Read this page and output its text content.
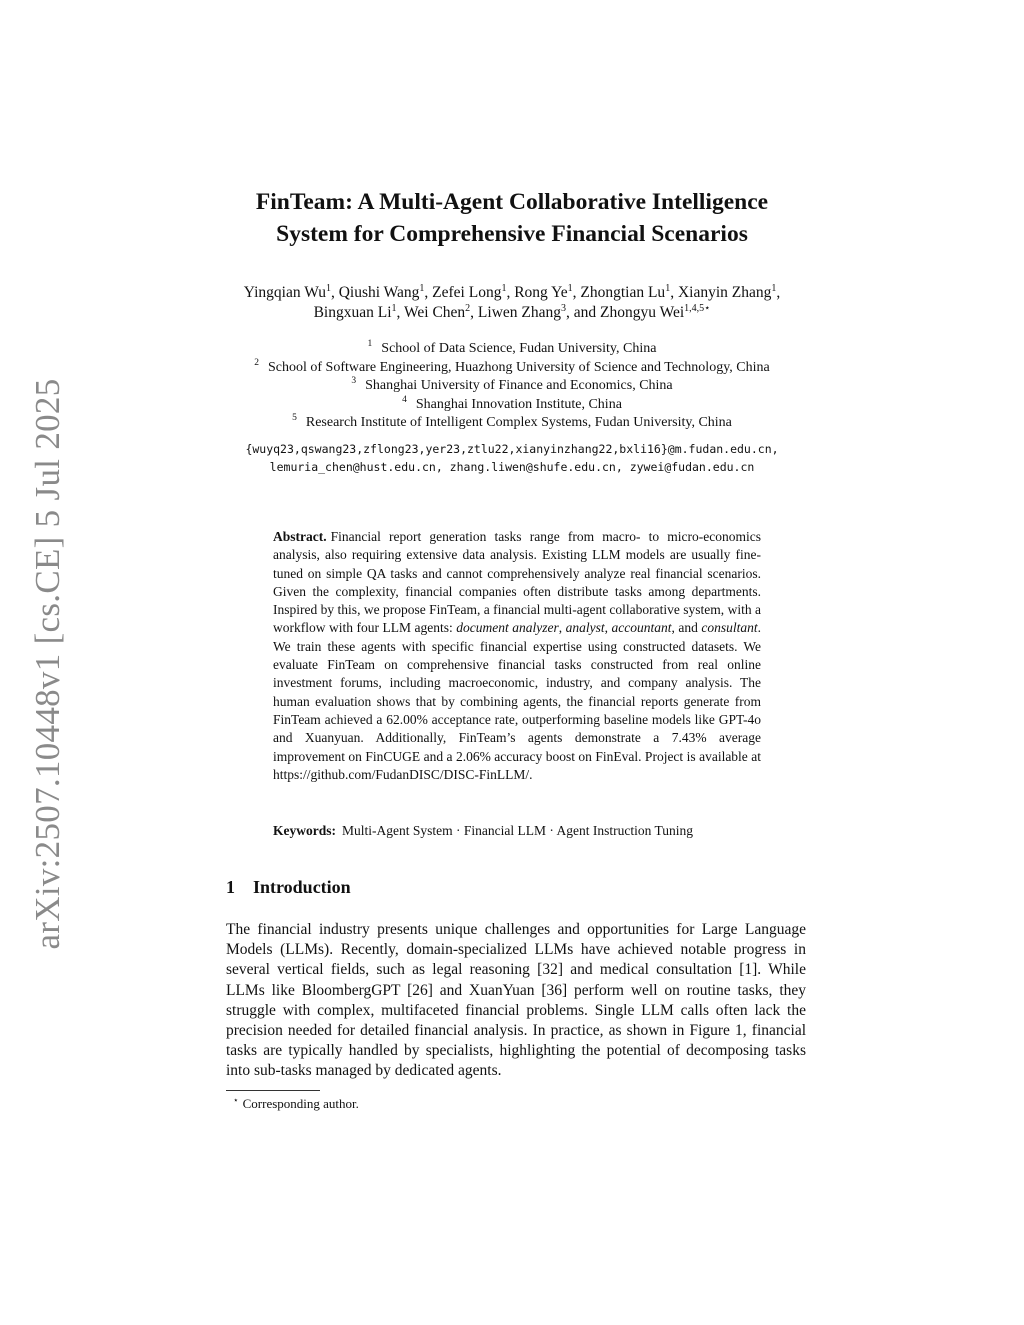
arXiv:2507.10448v1 [cs.CE] 5 Jul 2025
FinTeam: A Multi-Agent Collaborative Intelligence
System for Comprehensive Financial Scenarios
Yingqian Wu$^1$, Qiushi Wang$^1$, Zefei Long$^1$, Rong Ye$^1$, Zhongtian Lu$^1$, Xianyin Zhang$^1$,
Bingxuan Li$^1$, Wei Chen$^2$, Liwen Zhang$^3$, and Zhongyu Wei$^{1,4,5⋆}$
$^1$ School of Data Science, Fudan University, China
$^2$ School of Software Engineering, Huazhong University of Science and Technology, China
$^3$ Shanghai University of Finance and Economics, China
$^4$ Shanghai Innovation Institute, China
$^5$ Research Institute of Intelligent Complex Systems, Fudan University, China
{wuyq23,qswang23,zflong23,yer23,ztlu22,xianyinzhang22,bxli16}@m.fudan.edu.cn,
lemuria_chen@hust.edu.cn, zhang.liwen@shufe.edu.cn, zywei@fudan.edu.cn

Abstract. Financial report generation tasks range from macro- to micro-economics analysis, also requiring extensive data analysis. Existing LLM models are usually fine-tuned on simple QA tasks and cannot comprehensively analyze real financial scenarios. Given the complexity, financial companies often distribute tasks among departments. Inspired by this, we propose FinTeam, a financial multi-agent collaborative system, with a workflow with four LLM agents: document analyzer, analyst, accountant, and consultant. We train these agents with specific financial expertise using constructed datasets. We evaluate FinTeam on comprehensive financial tasks constructed from real online investment forums, including macroeconomic, industry, and company analysis. The human evaluation shows that by combining agents, the financial reports generate from FinTeam achieved a 62.00% acceptance rate, outperforming baseline models like GPT-4o and Xuanyuan. Additionally, FinTeam’s agents demonstrate a 7.43% average improvement on FinCUGE and a 2.06% accuracy boost on FinEval. Project is available at https://github.com/FudanDISC/DISC-FinLLM/.

Keywords: Multi-Agent System · Financial LLM · Agent Instruction Tuning
1 Introduction

The financial industry presents unique challenges and opportunities for Large Language Models (LLMs). Recently, domain-specialized LLMs have achieved notable progress in several vertical fields, such as legal reasoning [32] and medical consultation [1]. While LLMs like BloombergGPT [26] and XuanYuan [36] perform well on routine tasks, they struggle with complex, multifaceted financial problems. Single LLM calls often lack the precision needed for detailed financial analysis. In practice, as shown in Figure 1, financial tasks are typically handled by specialists, highlighting the potential of decomposing tasks into sub-tasks managed by dedicated agents.

⋆ Corresponding author.
